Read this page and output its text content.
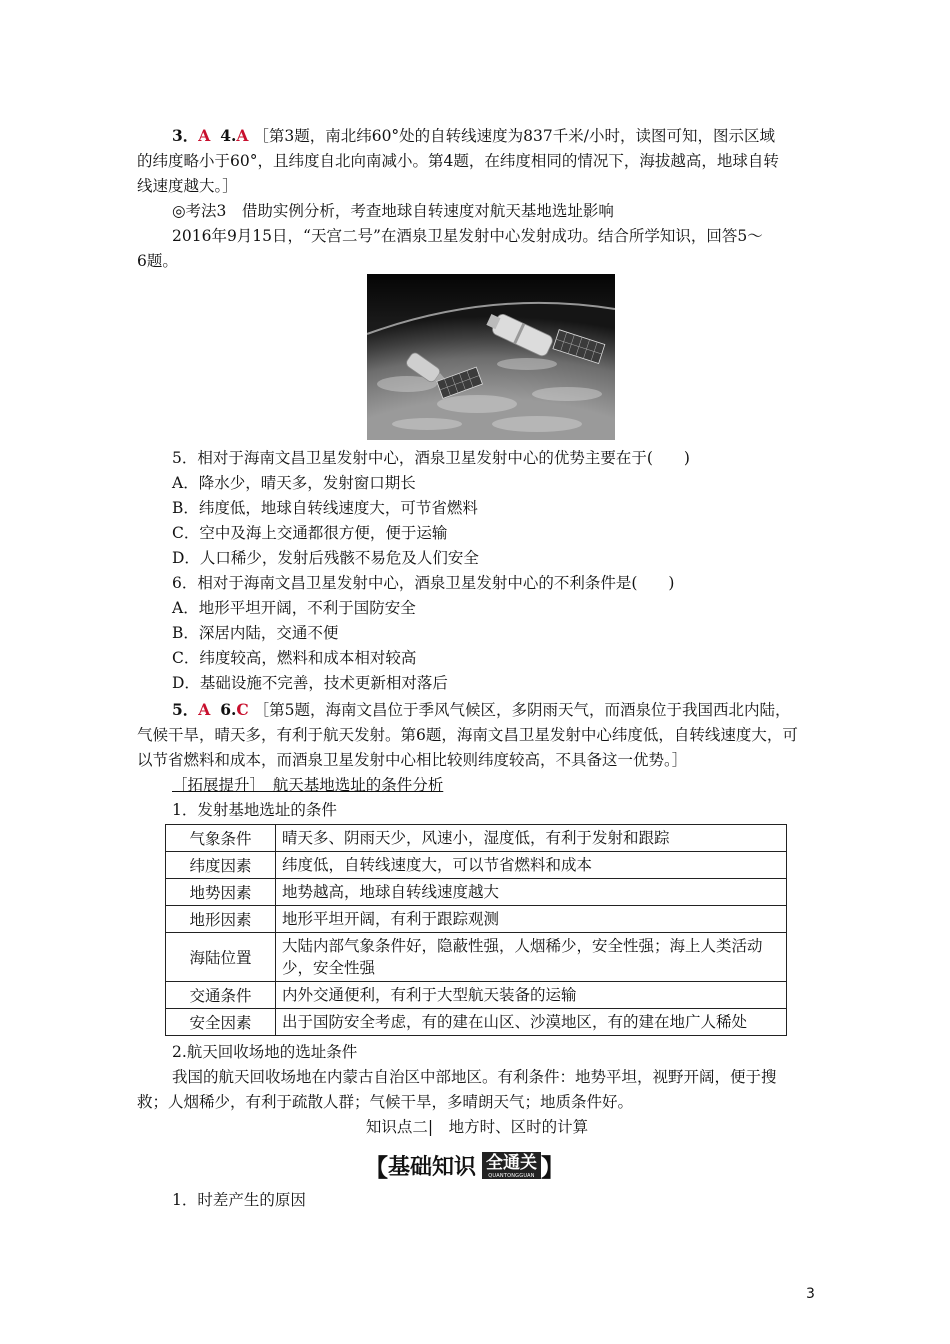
3．A 4.A ［第3题，南北纬60°处的自转线速度为837千米/小时，读图可知，图示区域
的纬度略小于60°，且纬度自北向南减小。第4题，在纬度相同的情况下，海拔越高，地球自转
线速度越大。］
◎考法3　借助实例分析，考查地球自转速度对航天基地选址影响
2016年9月15日，“天宫二号”在酒泉卫星发射中心发射成功。结合所学知识，回答5～
6题。
5．相对于海南文昌卫星发射中心，酒泉卫星发射中心的优势主要在于(　　)
A．降水少，晴天多，发射窗口期长
B．纬度低，地球自转线速度大，可节省燃料
C．空中及海上交通都很方便，便于运输
D．人口稀少，发射后残骸不易危及人们安全
6．相对于海南文昌卫星发射中心，酒泉卫星发射中心的不利条件是(　　)
A．地形平坦开阔，不利于国防安全
B．深居内陆，交通不便
C．纬度较高，燃料和成本相对较高
D．基础设施不完善，技术更新相对落后
5．A 6.C ［第5题，海南文昌位于季风气候区，多阴雨天气，而酒泉位于我国西北内陆，
气候干旱，晴天多，有利于航天发射。第6题，海南文昌卫星发射中心纬度低，自转线速度大，可
以节省燃料和成本，而酒泉卫星发射中心相比较则纬度较高，不具备这一优势。］
［拓展提升］　航天基地选址的条件分析
1．发射基地选址的条件
气象条件	晴天多、阴雨天少，风速小，湿度低，有利于发射和跟踪
纬度因素	纬度低，自转线速度大，可以节省燃料和成本
地势因素	地势越高，地球自转线速度越大
地形因素	地形平坦开阔，有利于跟踪观测
海陆位置	大陆内部气象条件好，隐蔽性强，人烟稀少，安全性强；海上人类活动少，安全性强
交通条件	内外交通便利，有利于大型航天装备的运输
安全因素	出于国防安全考虑，有的建在山区、沙漠地区，有的建在地广人稀处
2.航天回收场地的选址条件
我国的航天回收场地在内蒙古自治区中部地区。有利条件：地势平坦，视野开阔，便于搜
救；人烟稀少，有利于疏散人群；气候干旱，多晴朗天气；地质条件好。
知识点二|　地方时、区时的计算
【 基础知识 全通关
QUANTONGGUAN 】
1．时差产生的原因
3
